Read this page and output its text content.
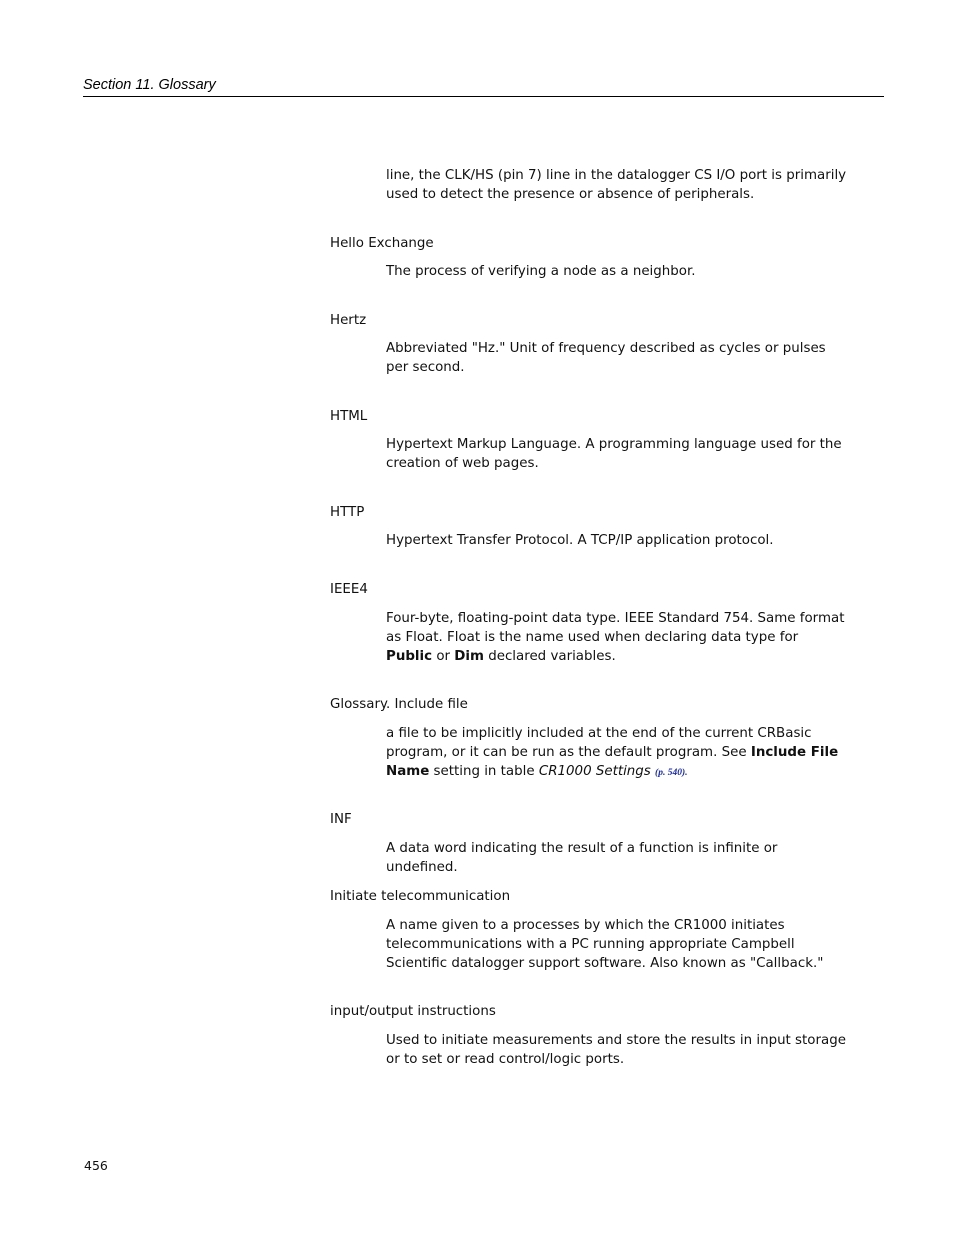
Section 11. Glossary
line, the CLK/HS (pin 7) line in the datalogger CS I/O port is primarily used to detect the presence or absence of peripherals.
Hello Exchange
The process of verifying a node as a neighbor.
Hertz
Abbreviated "Hz." Unit of frequency described as cycles or pulses per second.
HTML
Hypertext Markup Language. A programming language used for the creation of web pages.
HTTP
Hypertext Transfer Protocol. A TCP/IP application protocol.
IEEE4
Four-byte, floating-point data type. IEEE Standard 754. Same format as Float. Float is the name used when declaring data type for Public or Dim declared variables.
Glossary. Include file
a file to be implicitly included at the end of the current CRBasic program, or it can be run as the default program. See Include File Name setting in table CR1000 Settings (p. 540).
INF
A data word indicating the result of a function is infinite or undefined.
Initiate telecommunication
A name given to a processes by which the CR1000 initiates telecommunications with a PC running appropriate Campbell Scientific datalogger support software. Also known as "Callback."
input/output instructions
Used to initiate measurements and store the results in input storage or to set or read control/logic ports.
456
